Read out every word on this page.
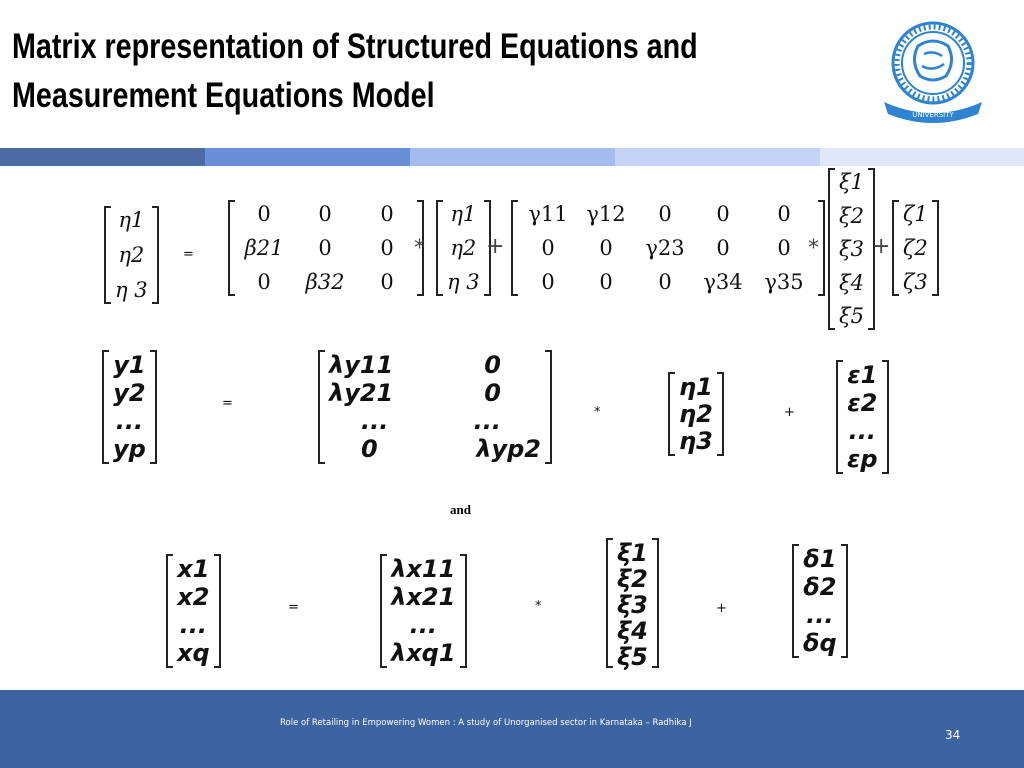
Matrix representation of Structured Equations and Measurement Equations Model	UNIVERSITY
η1
η2
η 3
=
0
β21
0
0
0
β32
0
0
0
*
η1
η2
η 3
+
γ11
0
0
γ12
0
0
0
γ23
0
0
0
γ34
0
0
γ35
*
ξ1
ξ2
ξ3
ξ4
ξ5
+
ζ1
ζ2
ζ3
y1
y2
...
yp
=
λy11
λy21
...
0
0
0
...
λyp2
*
η1
η2
η3
+
ε1
ε2
...
εp
and
x1
x2
...
xq
=
λx11
λx21
...
λxq1
*
ξ1
ξ2
ξ3
ξ4
ξ5
+
δ1
δ2
...
δq
Role of Retailing in Empowering Women : A study of Unorganised sector in Karnataka – Radhika J
34
